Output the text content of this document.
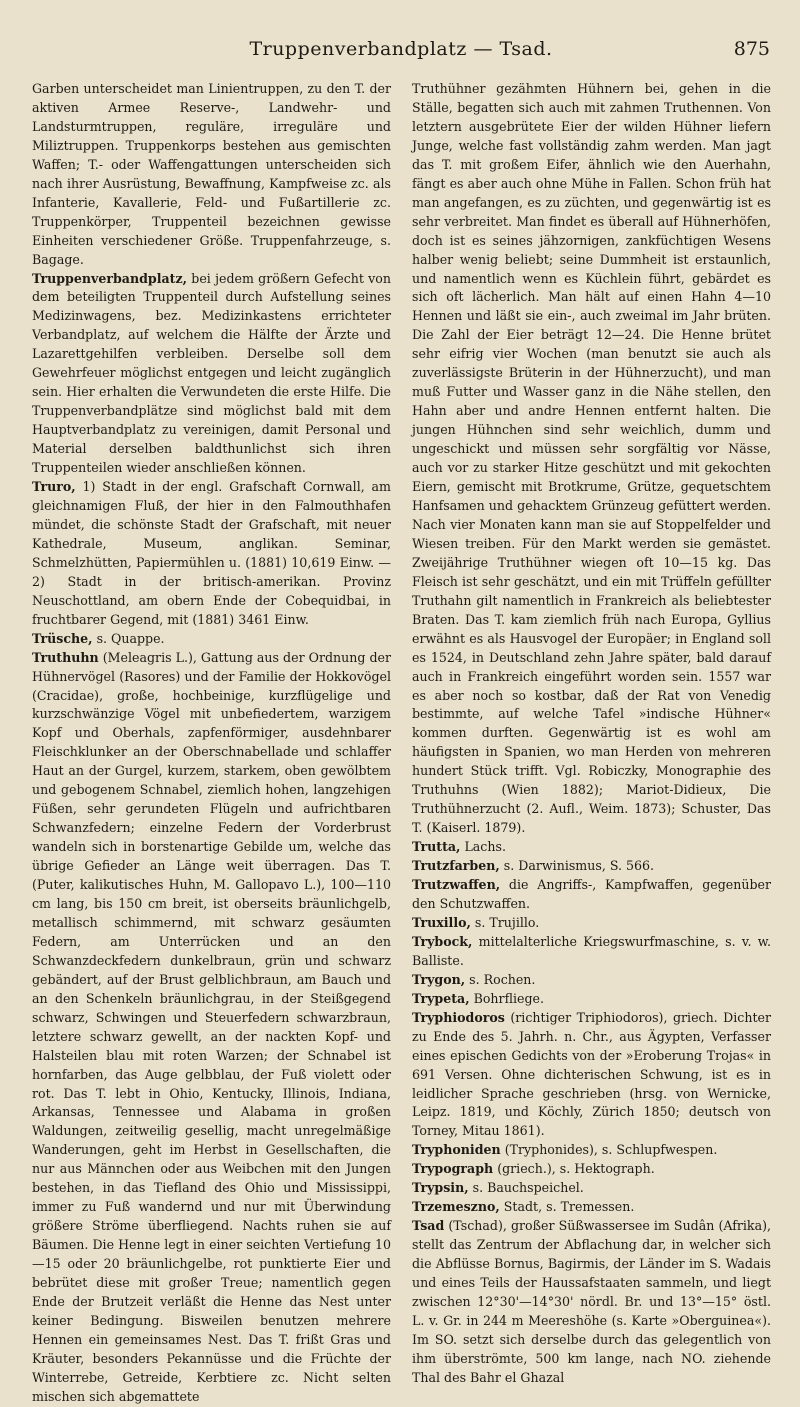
Truppenverbandplatz — Tsad.	875

Garben unterscheidet man Linientruppen, zu den T. der aktiven Armee Reserve-, Landwehr- und Landsturmtruppen, reguläre, irreguläre und Miliztruppen. Truppenkorps bestehen aus gemischten Waffen; T.- oder Waffengattungen unterscheiden sich nach ihrer Ausrüstung, Bewaffnung, Kampfweise zc. als Infanterie, Kavallerie, Feld- und Fußartillerie zc. Truppenkörper, Truppenteil bezeichnen gewisse Einheiten verschiedener Größe. Truppenfahrzeuge, s. Bagage.

Truppenverbandplatz, bei jedem größern Gefecht von dem beteiligten Truppenteil durch Aufstellung seines Medizinwagens, bez. Medizinkastens errichteter Verbandplatz, auf welchem die Hälfte der Ärzte und Lazarettgehilfen verbleiben. Derselbe soll dem Gewehrfeuer möglichst entgegen und leicht zugänglich sein. Hier erhalten die Verwundeten die erste Hilfe. Die Truppenverbandplätze sind möglichst bald mit dem Hauptverbandplatz zu vereinigen, damit Personal und Material derselben baldthunlichst sich ihren Truppenteilen wieder anschließen können.

Truro, 1) Stadt in der engl. Grafschaft Cornwall, am gleichnamigen Fluß, der hier in den Falmouthhafen mündet, die schönste Stadt der Grafschaft, mit neuer Kathedrale, Museum, anglikan. Seminar, Schmelzhütten, Papiermühlen u. (1881) 10,619 Einw. — 2) Stadt in der britisch-amerikan. Provinz Neuschottland, am obern Ende der Cobequidbai, in fruchtbarer Gegend, mit (1881) 3461 Einw.

Trüsche, s. Quappe.

Truthuhn (Meleagris L.), Gattung aus der Ordnung der Hühnervögel (Rasores) und der Familie der Hokkovögel (Cracidae), große, hochbeinige, kurzflügelige und kurzschwänzige Vögel mit unbefiedertem, warzigem Kopf und Oberhals, zapfenförmiger, ausdehnbarer Fleischklunker an der Oberschnabellade und schlaffer Haut an der Gurgel, kurzem, starkem, oben gewölbtem und gebogenem Schnabel, ziemlich hohen, langzehigen Füßen, sehr gerundeten Flügeln und aufrichtbaren Schwanzfedern; einzelne Federn der Vorderbrust wandeln sich in borstenartige Gebilde um, welche das übrige Gefieder an Länge weit überragen. Das T. (Puter, kalikutisches Huhn, M. Gallopavo L.), 100—110 cm lang, bis 150 cm breit, ist oberseits bräunlichgelb, metallisch schimmernd, mit schwarz gesäumten Federn, am Unterrücken und an den Schwanzdeckfedern dunkelbraun, grün und schwarz gebändert, auf der Brust gelblichbraun, am Bauch und an den Schenkeln bräunlichgrau, in der Steißgegend schwarz, Schwingen und Steuerfedern schwarzbraun, letztere schwarz gewellt, an der nackten Kopf- und Halsteilen blau mit roten Warzen; der Schnabel ist hornfarben, das Auge gelbblau, der Fuß violett oder rot. Das T. lebt in Ohio, Kentucky, Illinois, Indiana, Arkansas, Tennessee und Alabama in großen Waldungen, zeitweilig gesellig, macht unregelmäßige Wanderungen, geht im Herbst in Gesellschaften, die nur aus Männchen oder aus Weibchen mit den Jungen bestehen, in das Tiefland des Ohio und Mississippi, immer zu Fuß wandernd und nur mit Überwindung größere Ströme überfliegend. Nachts ruhen sie auf Bäumen. Die Henne legt in einer seichten Vertiefung 10—15 oder 20 bräunlichgelbe, rot punktierte Eier und bebrütet diese mit großer Treue; namentlich gegen Ende der Brutzeit verläßt die Henne das Nest unter keiner Bedingung. Bisweilen benutzen mehrere Hennen ein gemeinsames Nest. Das T. frißt Gras und Kräuter, besonders Pekannüsse und die Früchte der Winterrebe, Getreide, Kerbtiere zc. Nicht selten mischen sich abgemattete

Truthühner gezähmten Hühnern bei, gehen in die Ställe, begatten sich auch mit zahmen Truthennen. Von letztern ausgebrütete Eier der wilden Hühner liefern Junge, welche fast vollständig zahm werden. Man jagt das T. mit großem Eifer, ähnlich wie den Auerhahn, fängt es aber auch ohne Mühe in Fallen. Schon früh hat man angefangen, es zu züchten, und gegenwärtig ist es sehr verbreitet. Man findet es überall auf Hühnerhöfen, doch ist es seines jähzornigen, zankfüchtigen Wesens halber wenig beliebt; seine Dummheit ist erstaunlich, und namentlich wenn es Küchlein führt, gebärdet es sich oft lächerlich. Man hält auf einen Hahn 4—10 Hennen und läßt sie ein-, auch zweimal im Jahr brüten. Die Zahl der Eier beträgt 12—24. Die Henne brütet sehr eifrig vier Wochen (man benutzt sie auch als zuverlässigste Brüterin in der Hühnerzucht), und man muß Futter und Wasser ganz in die Nähe stellen, den Hahn aber und andre Hennen entfernt halten. Die jungen Hühnchen sind sehr weichlich, dumm und ungeschickt und müssen sehr sorgfältig vor Nässe, auch vor zu starker Hitze geschützt und mit gekochten Eiern, gemischt mit Brotkrume, Grütze, gequetschtem Hanfsamen und gehacktem Grünzeug gefüttert werden. Nach vier Monaten kann man sie auf Stoppelfelder und Wiesen treiben. Für den Markt werden sie gemästet. Zweijährige Truthühner wiegen oft 10—15 kg. Das Fleisch ist sehr geschätzt, und ein mit Trüffeln gefüllter Truthahn gilt namentlich in Frankreich als beliebtester Braten. Das T. kam ziemlich früh nach Europa, Gyllius erwähnt es als Hausvogel der Europäer; in England soll es 1524, in Deutschland zehn Jahre später, bald darauf auch in Frankreich eingeführt worden sein. 1557 war es aber noch so kostbar, daß der Rat von Venedig bestimmte, auf welche Tafel »indische Hühner« kommen durften. Gegenwärtig ist es wohl am häufigsten in Spanien, wo man Herden von mehreren hundert Stück trifft. Vgl. Robiczky, Monographie des Truthuhns (Wien 1882); Mariot-Didieux, Die Truthühnerzucht (2. Aufl., Weim. 1873); Schuster, Das T. (Kaiserl. 1879).

Trutta, Lachs.

Trutzfarben, s. Darwinismus, S. 566.

Trutzwaffen, die Angriffs-, Kampfwaffen, gegenüber den Schutzwaffen.

Truxillo, s. Trujillo.

Trybock, mittelalterliche Kriegswurfmaschine, s. v. w. Balliste.

Trygon, s. Rochen.

Trypeta, Bohrfliege.

Tryphiodoros (richtiger Triphiodoros), griech. Dichter zu Ende des 5. Jahrh. n. Chr., aus Ägypten, Verfasser eines epischen Gedichts von der »Eroberung Trojas« in 691 Versen. Ohne dichterischen Schwung, ist es in leidlicher Sprache geschrieben (hrsg. von Wernicke, Leipz. 1819, und Köchly, Zürich 1850; deutsch von Torney, Mitau 1861).

Tryphoniden (Tryphonides), s. Schlupfwespen.

Trypograph (griech.), s. Hektograph.

Trypsin, s. Bauchspeichel.

Trzemeszno, Stadt, s. Tremessen.

Tsad (Tschad), großer Süßwassersee im Sudân (Afrika), stellt das Zentrum der Abflachung dar, in welcher sich die Abflüsse Bornus, Bagirmis, der Länder im S. Wadais und eines Teils der Haussafstaaten sammeln, und liegt zwischen 12°30'—14°30' nördl. Br. und 13°—15° östl. L. v. Gr. in 244 m Meereshöhe (s. Karte »Oberguinea«). Im SO. setzt sich derselbe durch das gelegentlich von ihm überströmte, 500 km lange, nach NO. ziehende Thal des Bahr el Ghazal
